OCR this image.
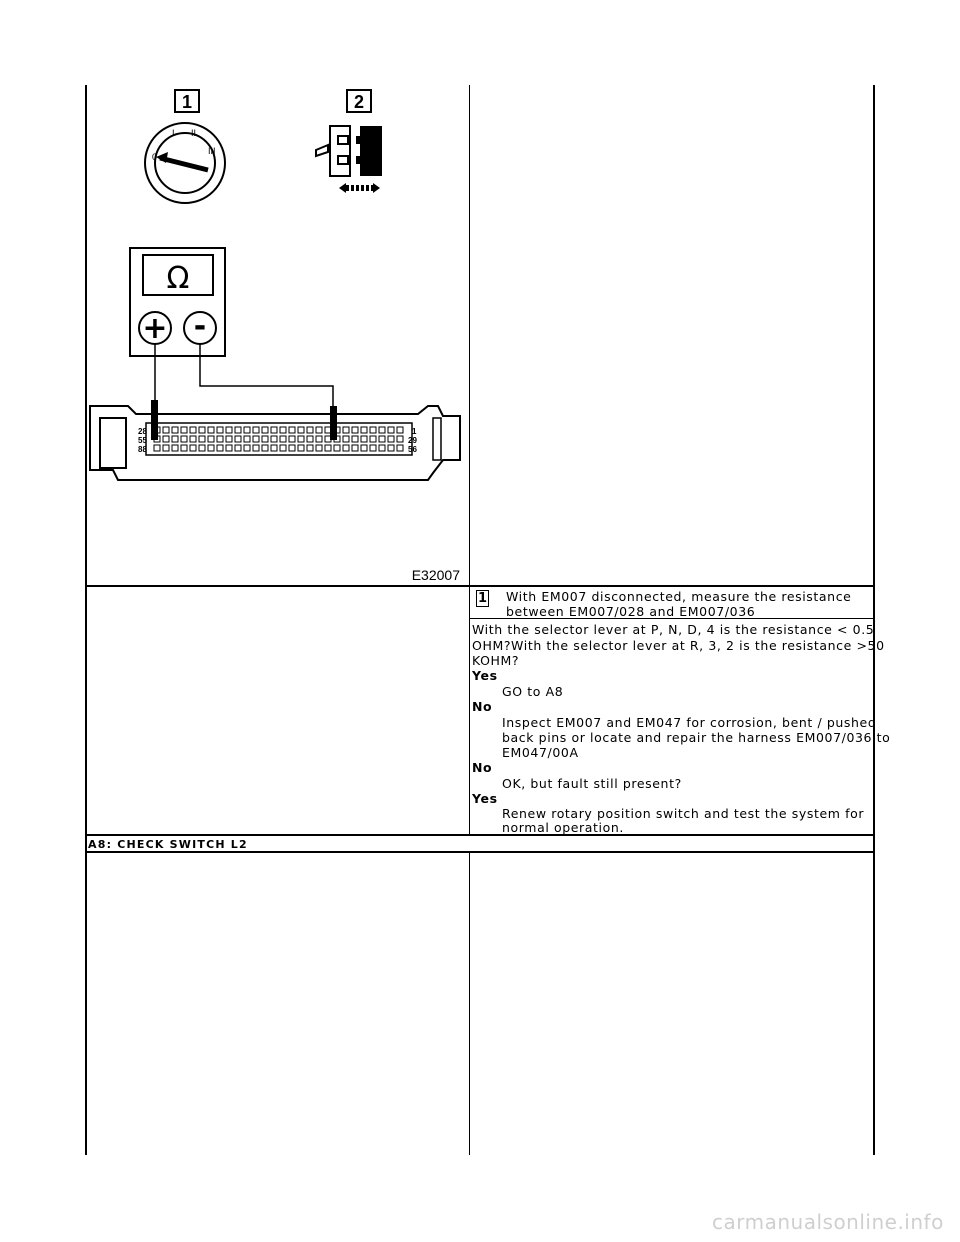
1	2
0
I II
III
Ω
+ -
28
55
88
1
29
56
E32007
1 With EM007 disconnected, measure the resistance
between EM007/028 and EM007/036
With the selector lever at P, N, D, 4 is the resistance < 0.5
OHM?With the selector lever at R, 3, 2 is the resistance >50
KOHM?
Yes
GO to A8
No
Inspect EM007 and EM047 for corrosion, bent / pushed
back pins or locate and repair the harness EM007/036 to
EM047/00A
No
OK, but fault still present?
Yes
Renew rotary position switch and test the system for
normal operation.
A8: CHECK SWITCH L2
carmanualsonline.info
